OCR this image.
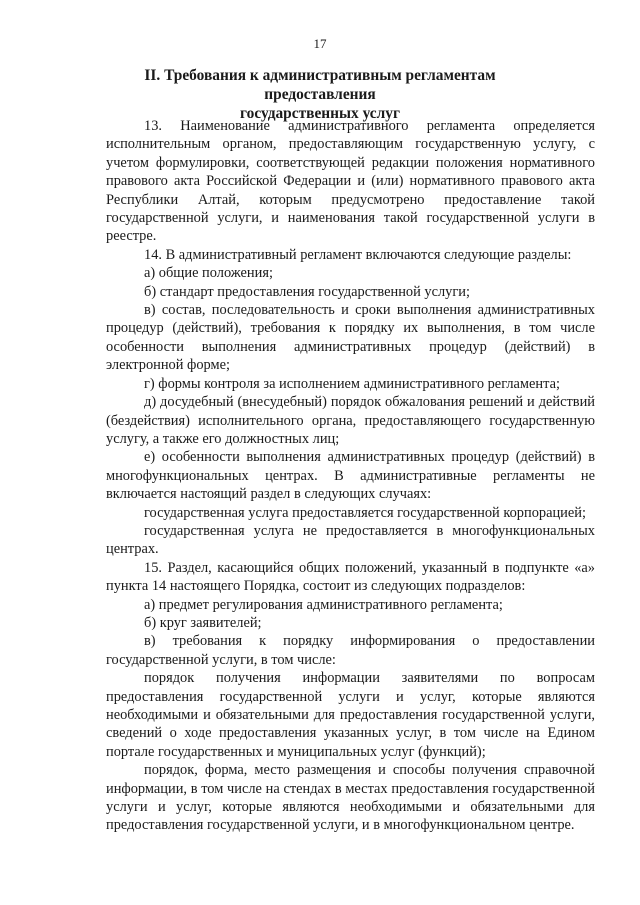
17
II. Требования к административным регламентам предоставления
государственных услуг

13. Наименование административного регламента определяется исполнительным органом, предоставляющим государственную услугу, с учетом формулировки, соответствующей редакции положения нормативного правового акта Российской Федерации и (или) нормативного правового акта Республики Алтай, которым предусмотрено предоставление такой государственной услуги, и наименования такой государственной услуги в реестре.

14. В административный регламент включаются следующие разделы:

а) общие положения;

б) стандарт предоставления государственной услуги;

в) состав, последовательность и сроки выполнения административных процедур (действий), требования к порядку их выполнения, в том числе особенности выполнения административных процедур (действий) в электронной форме;

г) формы контроля за исполнением административного регламента;

д) досудебный (внесудебный) порядок обжалования решений и действий (бездействия) исполнительного органа, предоставляющего государственную услугу, а также его должностных лиц;

е) особенности выполнения административных процедур (действий) в многофункциональных центрах. В административные регламенты не включается настоящий раздел в следующих случаях:

государственная услуга предоставляется государственной корпорацией;

государственная услуга не предоставляется в многофункциональных центрах.

15. Раздел, касающийся общих положений, указанный в подпункте «а» пункта 14 настоящего Порядка, состоит из следующих подразделов:

а) предмет регулирования административного регламента;

б) круг заявителей;

в) требования к порядку информирования о предоставлении государственной услуги, в том числе:

порядок получения информации заявителями по вопросам предоставления государственной услуги и услуг, которые являются необходимыми и обязательными для предоставления государственной услуги, сведений о ходе предоставления указанных услуг, в том числе на Едином портале государственных и муниципальных услуг (функций);

порядок, форма, место размещения и способы получения справочной информации, в том числе на стендах в местах предоставления государственной услуги и услуг, которые являются необходимыми и обязательными для предоставления государственной услуги, и в многофункциональном центре.
